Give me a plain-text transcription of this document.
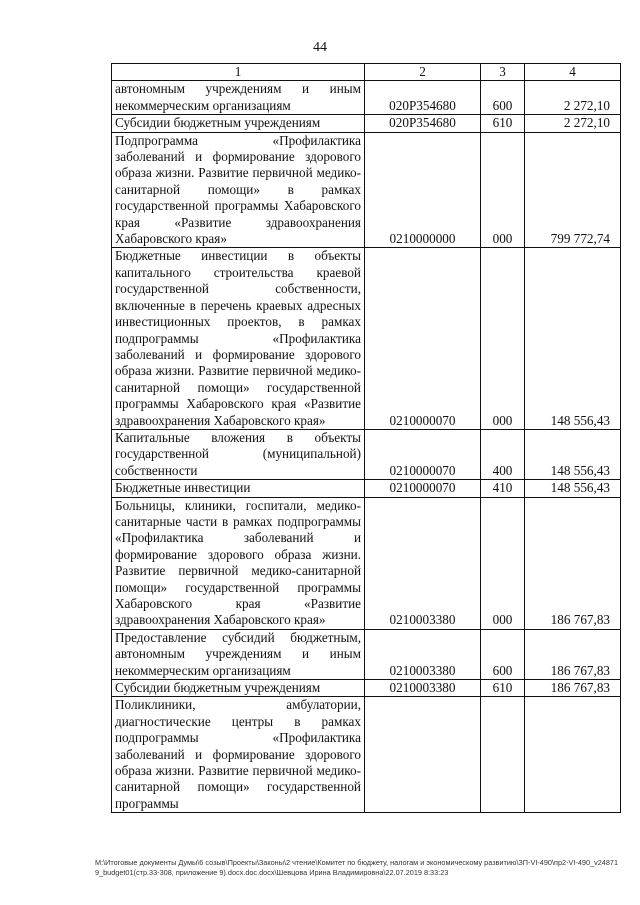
44
1	2	3	4
автономным учреждениям и иным некоммерческим организациям	020P354680	600	2 272,10
Субсидии бюджетным учреждениям	020P354680	610	2 272,10
Подпрограмма «Профилактика заболеваний и формирование здорового образа жизни. Развитие первичной медико-санитарной помощи» в рамках государственной программы Хабаровского края «Развитие здравоохранения Хабаровского края»	0210000000	000	799 772,74
Бюджетные инвестиции в объекты капитального строительства краевой государственной собственности, включенные в перечень краевых адресных инвестиционных проектов, в рамках подпрограммы «Профилактика заболеваний и формирование здорового образа жизни. Развитие первичной медико-санитарной помощи» государственной программы Хабаровского края «Развитие здравоохранения Хабаровского края»	0210000070	000	148 556,43
Капитальные вложения в объекты государственной (муниципальной) собственности	0210000070	400	148 556,43
Бюджетные инвестиции	0210000070	410	148 556,43
Больницы, клиники, госпитали, медико-санитарные части в рамках подпрограммы «Профилактика заболеваний и формирование здорового образа жизни. Развитие первичной медико-санитарной помощи» государственной программы Хабаровского края «Развитие здравоохранения Хабаровского края»	0210003380	000	186 767,83
Предоставление субсидий бюджетным, автономным учреждениям и иным некоммерческим организациям	0210003380	600	186 767,83
Субсидии бюджетным учреждениям	0210003380	610	186 767,83
Поликлиники, амбулатории, диагностические центры в рамках подпрограммы «Профилактика заболеваний и формирование здорового образа жизни. Развитие первичной медико-санитарной помощи» государственной программы			
M:\Итоговые документы Думы\6 созыв\Проекты\Законы\2 чтение\Комитет по бюджету, налогам и экономическому развитию\ЗП-VI-490\пр2-VI-490_v248719_budget01(стр.33-308, приложение 9).docx.doc.docx\Шевцова Ирина Владимировна\22.07.2019 8:33:23
